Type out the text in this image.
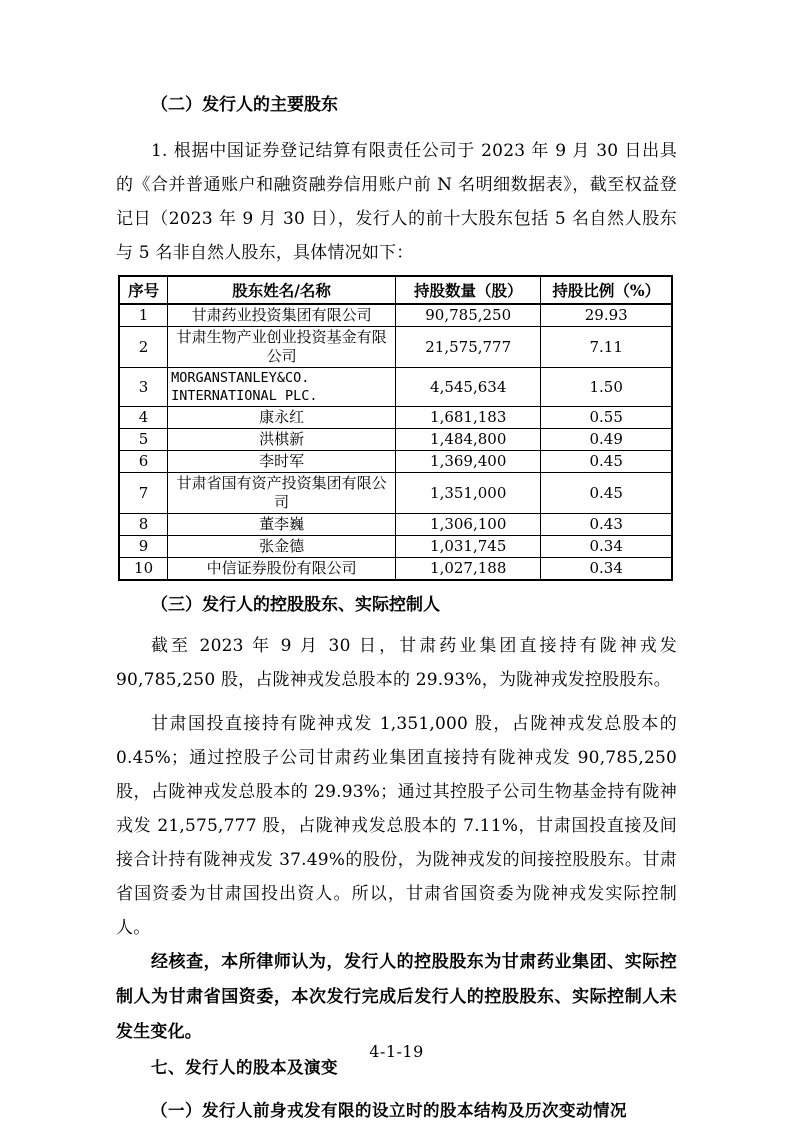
（二）发行人的主要股东

1. 根据中国证券登记结算有限责任公司于 2023 年 9 月 30 日出具的《合并普通账户和融资融券信用账户前 N 名明细数据表》，截至权益登记日（2023 年 9 月 30 日），发行人的前十大股东包括 5 名自然人股东与 5 名非自然人股东，具体情况如下：

序号	股东姓名/名称	持股数量（股）	持股比例（%）
1	甘肃药业投资集团有限公司	90,785,250	29.93
2	甘肃生物产业创业投资基金有限公司	21,575,777	7.11
3	MORGANSTANLEY&CO. INTERNATIONAL PLC.	4,545,634	1.50
4	康永红	1,681,183	0.55
5	洪棋新	1,484,800	0.49
6	李时军	1,369,400	0.45
7	甘肃省国有资产投资集团有限公司	1,351,000	0.45
8	董李巍	1,306,100	0.43
9	张金德	1,031,745	0.34
10	中信证券股份有限公司	1,027,188	0.34
（三）发行人的控股股东、实际控制人

截至 2023 年 9 月 30 日，甘肃药业集团直接持有陇神戎发 90,785,250 股，占陇神戎发总股本的 29.93%，为陇神戎发控股股东。

甘肃国投直接持有陇神戎发 1,351,000 股，占陇神戎发总股本的 0.45%；通过控股子公司甘肃药业集团直接持有陇神戎发 90,785,250 股，占陇神戎发总股本的 29.93%；通过其控股子公司生物基金持有陇神戎发 21,575,777 股，占陇神戎发总股本的 7.11%，甘肃国投直接及间接合计持有陇神戎发 37.49%的股份，为陇神戎发的间接控股股东。甘肃省国资委为甘肃国投出资人。所以，甘肃省国资委为陇神戎发实际控制人。

经核查，本所律师认为，发行人的控股股东为甘肃药业集团、实际控制人为甘肃省国资委，本次发行完成后发行人的控股股东、实际控制人未发生变化。

七、发行人的股本及演变
（一）发行人前身戎发有限的设立时的股本结构及历次变动情况
4-1-19
